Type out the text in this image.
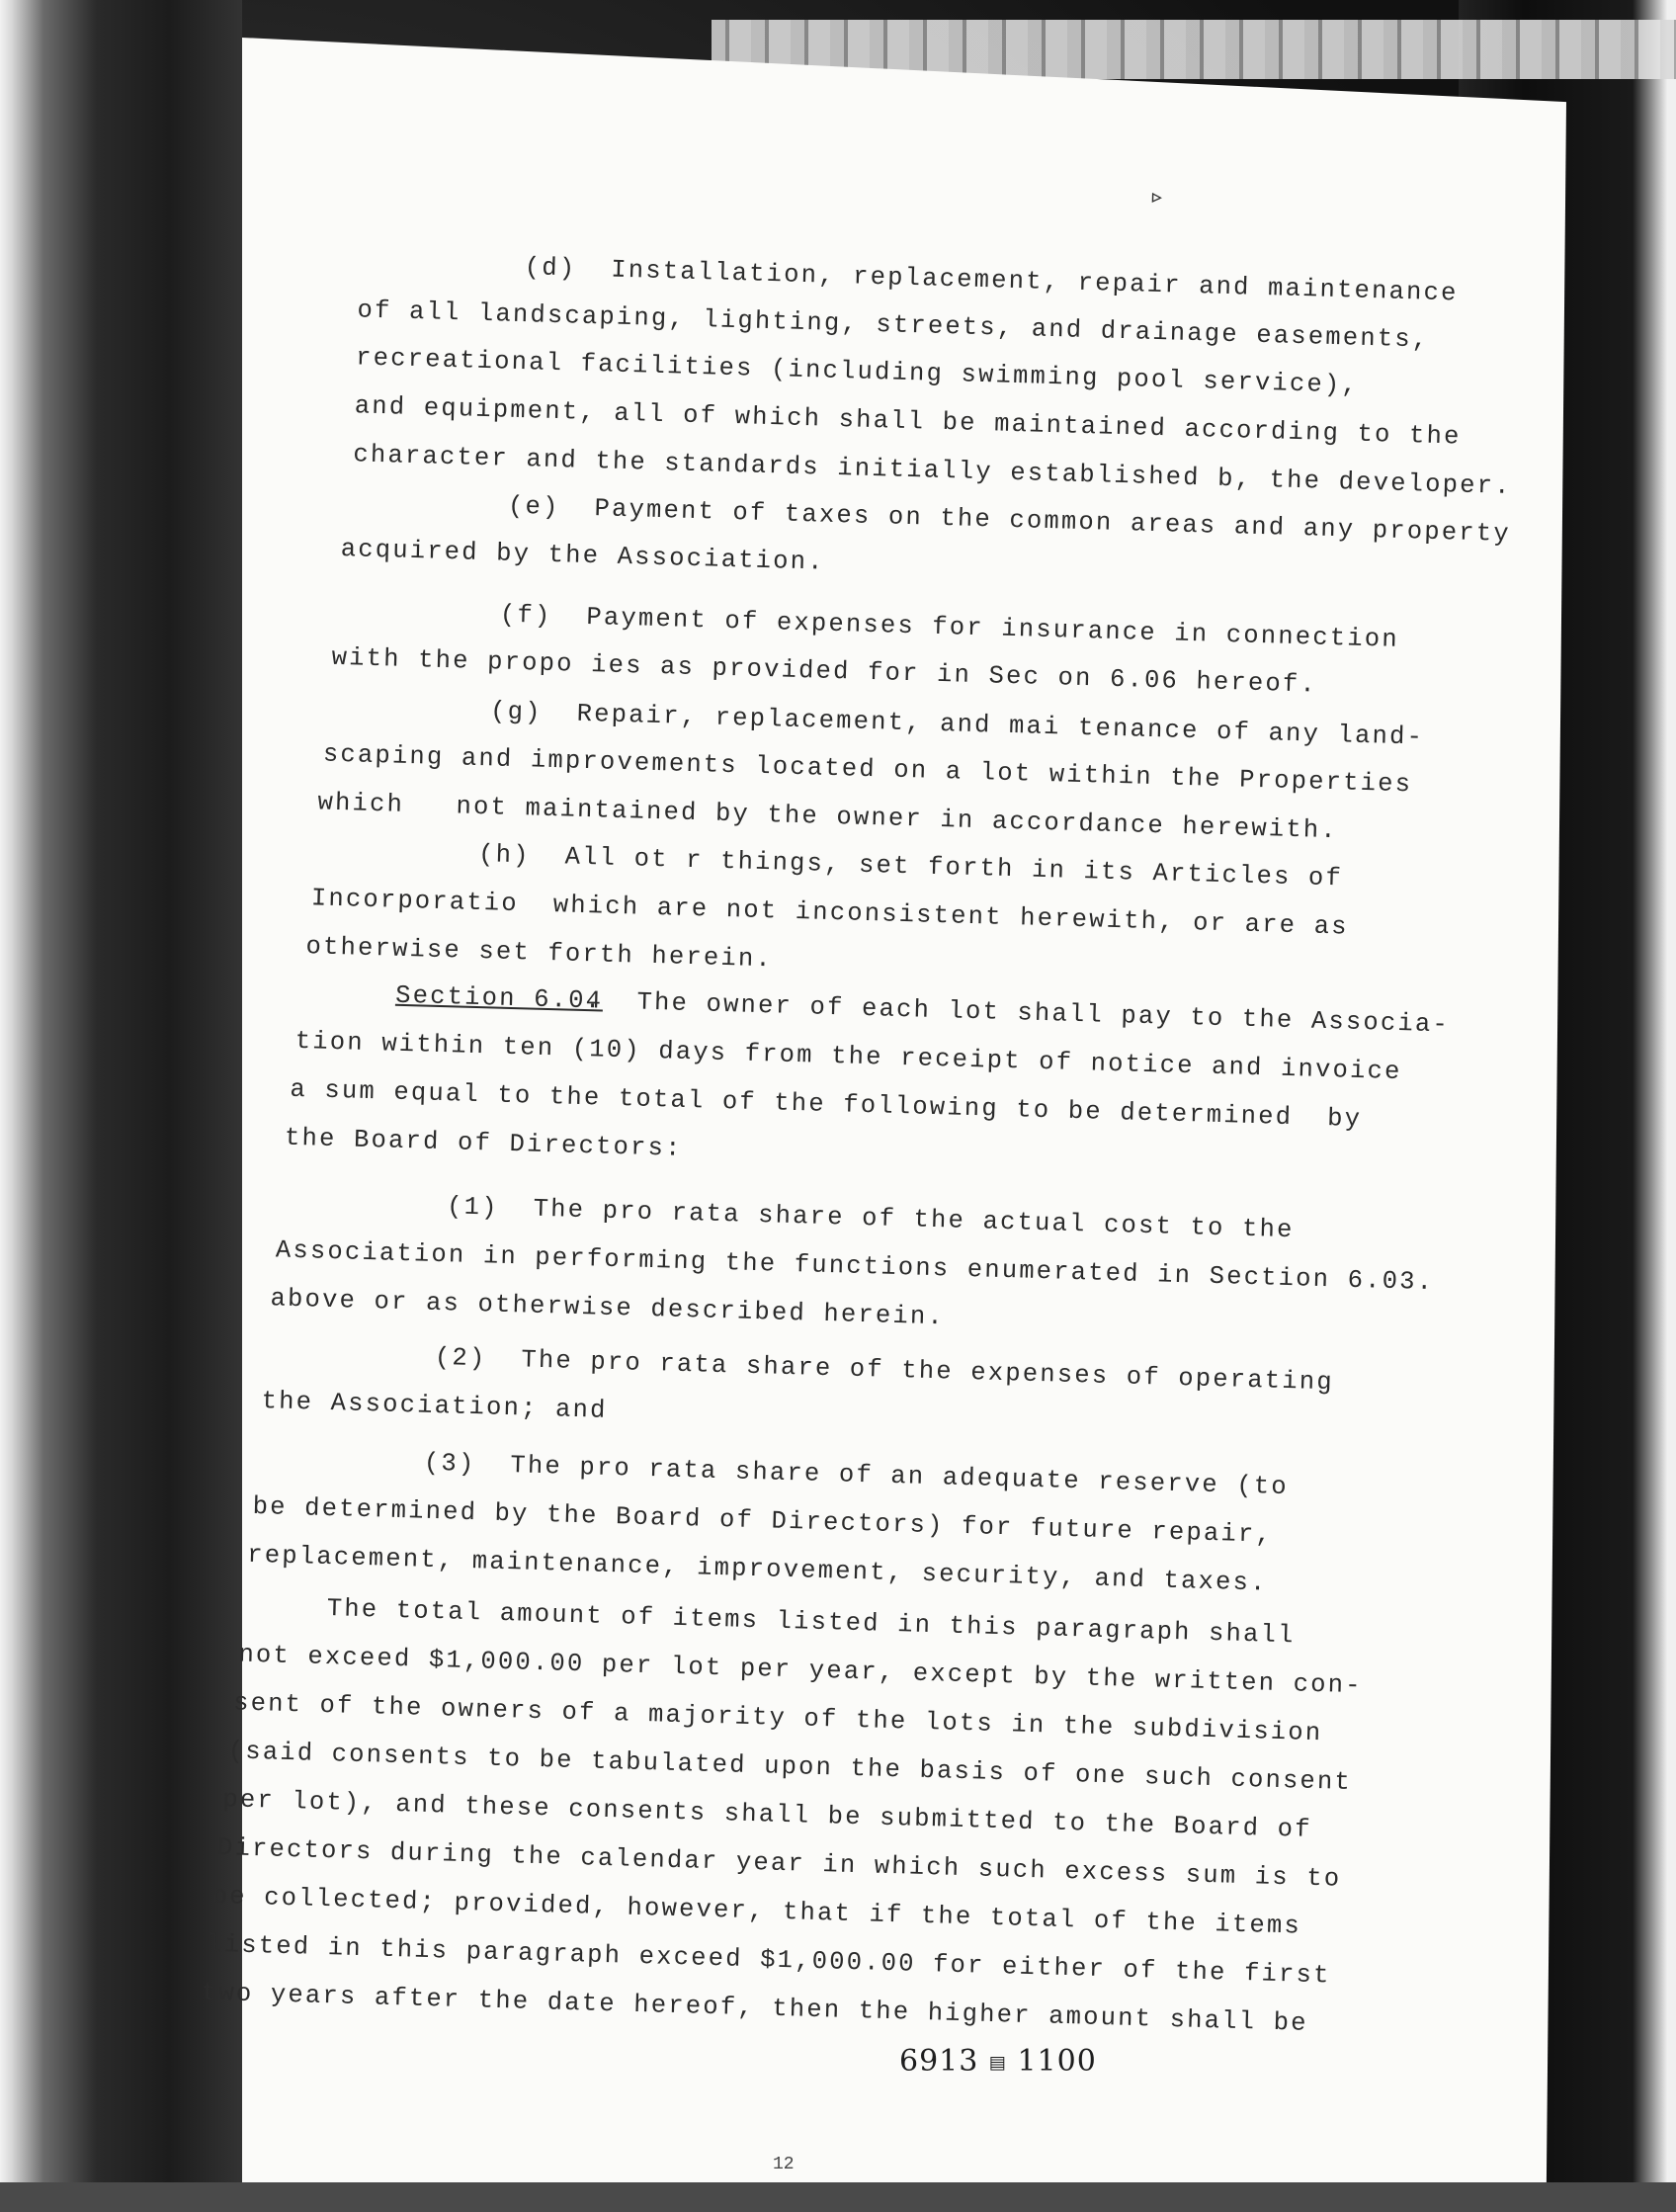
▹
(d)  Installation, replacement, repair and maintenance
of all landscaping, lighting, streets, and drainage easements,
recreational facilities (including swimming pool service),
and equipment, all of which shall be maintained according to the
character and the standards initially established b, the developer.
(e)  Payment of taxes on the common areas and any property
acquired by the Association.
(f)  Payment of expenses for insurance in connection
with the propo ies as provided for in Sec on 6.06 hereof.
(g)  Repair, replacement, and mai tenance of any land-
scaping and improvements located on a lot within the Properties
which   not maintained by the owner in accordance herewith.
(h)  All ot r things, set forth in its Articles of
Incorporatio  which are not inconsistent herewith, or are as
otherwise set forth herein.
Section 6.04
.  The owner of each lot shall pay to the Associa-
tion within ten (10) days from the receipt of notice and invoice
a sum equal to the total of the following to be determined  by
the Board of Directors:
(1)  The pro rata share of the actual cost to the
Association in performing the functions enumerated in Section 6.03.
above or as otherwise described herein.
(2)  The pro rata share of the expenses of operating
the Association; and
(3)  The pro rata share of an adequate reserve (to
be determined by the Board of Directors) for future repair,
replacement, maintenance, improvement, security, and taxes.
The total amount of items listed in this paragraph shall
not exceed $1,000.00 per lot per year, except by the written con-
sent of the owners of a majority of the lots in the subdivision
(said consents to be tabulated upon the basis of one such consent
per lot), and these consents shall be submitted to the Board of
Directors during the calendar year in which such excess sum is to
be collected; provided, however, that if the total of the items
listed in this paragraph exceed $1,000.00 for either of the first
two years after the date hereof, then the higher amount shall be
6913 ▤ 1100
12
